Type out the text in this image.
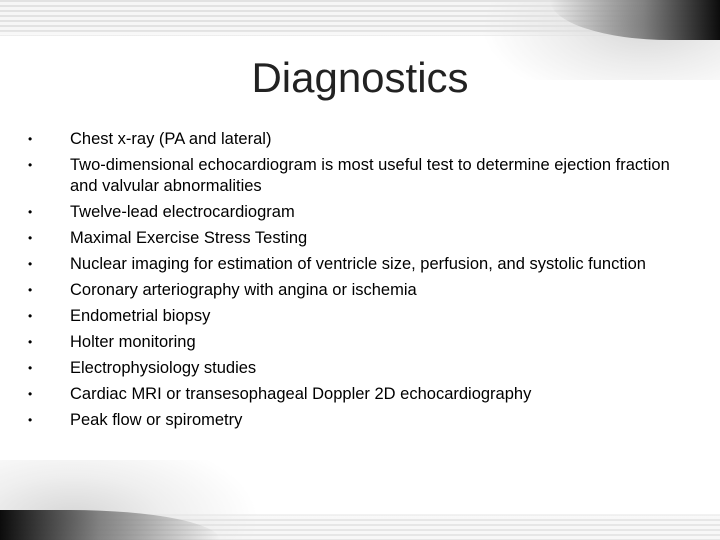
Diagnostics
• Chest x-ray (PA and lateral)
• Two-dimensional echocardiogram is most useful test to determine ejection fraction and valvular abnormalities
• Twelve-lead electrocardiogram
• Maximal Exercise Stress Testing
• Nuclear imaging for estimation of ventricle size, perfusion, and systolic function
• Coronary arteriography with angina or ischemia
• Endometrial biopsy
• Holter monitoring
• Electrophysiology studies
• Cardiac MRI or transesophageal Doppler 2D echocardiography
• Peak flow or spirometry
